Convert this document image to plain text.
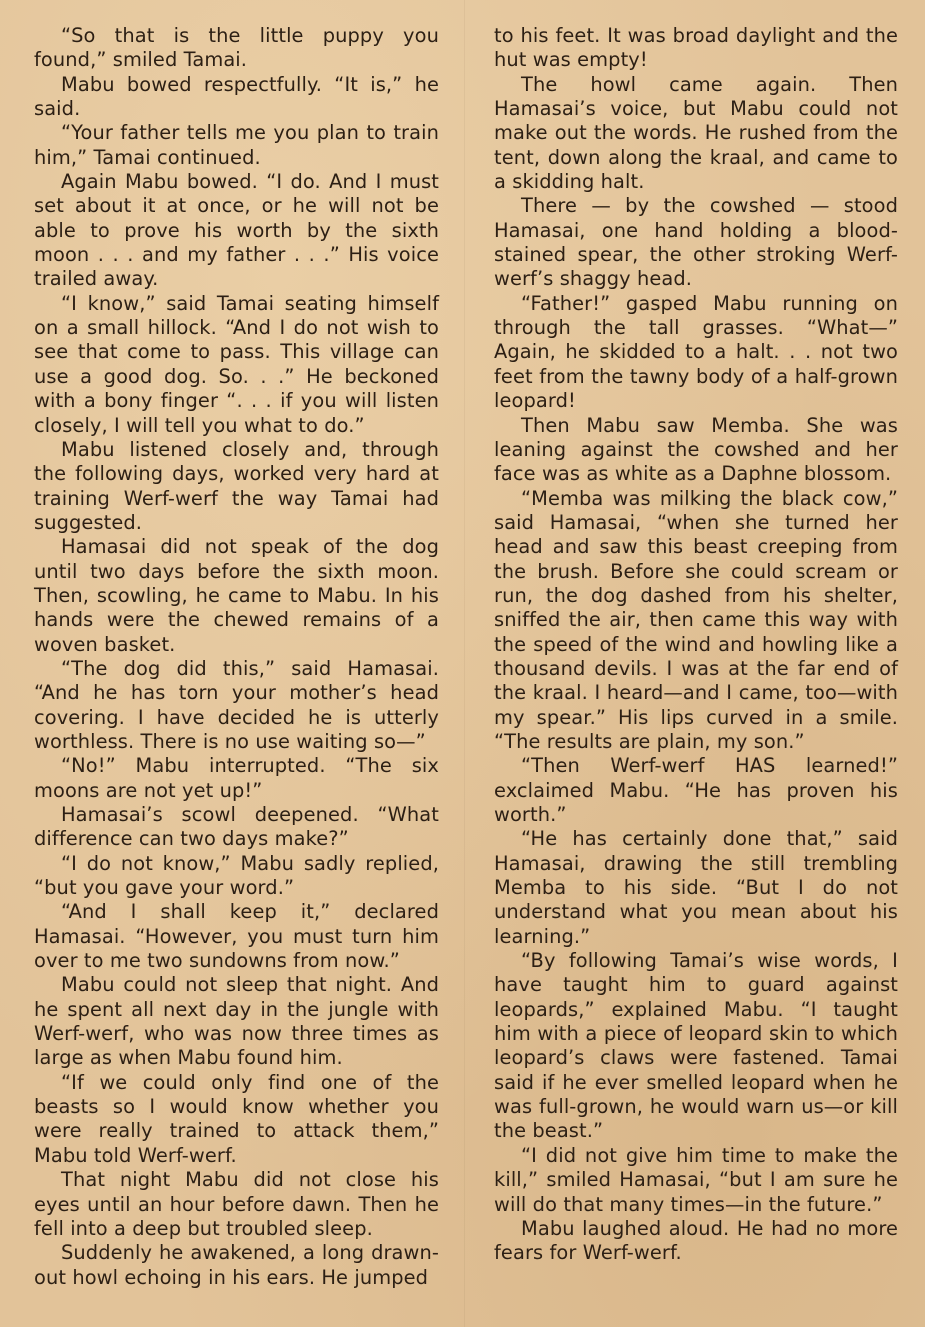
“So that is the little puppy you found,” smiled Tamai.

Mabu bowed respectfully. “It is,” he said.

“Your father tells me you plan to train him,” Tamai continued.

Again Mabu bowed. “I do. And I must set about it at once, or he will not be able to prove his worth by the sixth moon . . . and my father . . .” His voice trailed away.

“I know,” said Tamai seating himself on a small hillock. “And I do not wish to see that come to pass. This village can use a good dog. So. . .” He beckoned with a bony finger “. . . if you will listen closely, I will tell you what to do.”

Mabu listened closely and, through the following days, worked very hard at training Werf-werf the way Tamai had suggested.

Hamasai did not speak of the dog until two days before the sixth moon. Then, scowling, he came to Mabu. In his hands were the chewed remains of a woven basket.

“The dog did this,” said Hamasai. “And he has torn your mother’s head covering. I have decided he is utterly worthless. There is no use waiting so—”

“No!” Mabu interrupted. “The six moons are not yet up!”

Hamasai’s scowl deepened. “What difference can two days make?”

“I do not know,” Mabu sadly replied, “but you gave your word.”

“And I shall keep it,” declared Hamasai. “However, you must turn him over to me two sundowns from now.”

Mabu could not sleep that night. And he spent all next day in the jungle with Werf-werf, who was now three times as large as when Mabu found him.

“If we could only find one of the beasts so I would know whether you were really trained to attack them,” Mabu told Werf-werf.

That night Mabu did not close his eyes until an hour before dawn. Then he fell into a deep but troubled sleep.

Suddenly he awakened, a long drawn-out howl echoing in his ears. He jumped

to his feet. It was broad daylight and the hut was empty!

The howl came again. Then Hamasai’s voice, but Mabu could not make out the words. He rushed from the tent, down along the kraal, and came to a skidding halt.

There — by the cowshed — stood Hamasai, one hand holding a blood-stained spear, the other stroking Werf-werf’s shaggy head.

“Father!” gasped Mabu running on through the tall grasses. “What—” Again, he skidded to a halt. . . not two feet from the tawny body of a half-grown leopard!

Then Mabu saw Memba. She was leaning against the cowshed and her face was as white as a Daphne blossom.

“Memba was milking the black cow,” said Hamasai, “when she turned her head and saw this beast creeping from the brush. Before she could scream or run, the dog dashed from his shelter, sniffed the air, then came this way with the speed of the wind and howling like a thousand devils. I was at the far end of the kraal. I heard—and I came, too—with my spear.” His lips curved in a smile. “The results are plain, my son.”

“Then Werf-werf HAS learned!” exclaimed Mabu. “He has proven his worth.”

“He has certainly done that,” said Hamasai, drawing the still trembling Memba to his side. “But I do not understand what you mean about his learning.”

“By following Tamai’s wise words, I have taught him to guard against leopards,” explained Mabu. “I taught him with a piece of leopard skin to which leopard’s claws were fastened. Tamai said if he ever smelled leopard when he was full-grown, he would warn us—or kill the beast.”

“I did not give him time to make the kill,” smiled Hamasai, “but I am sure he will do that many times—in the future.”

Mabu laughed aloud. He had no more fears for Werf-werf.
